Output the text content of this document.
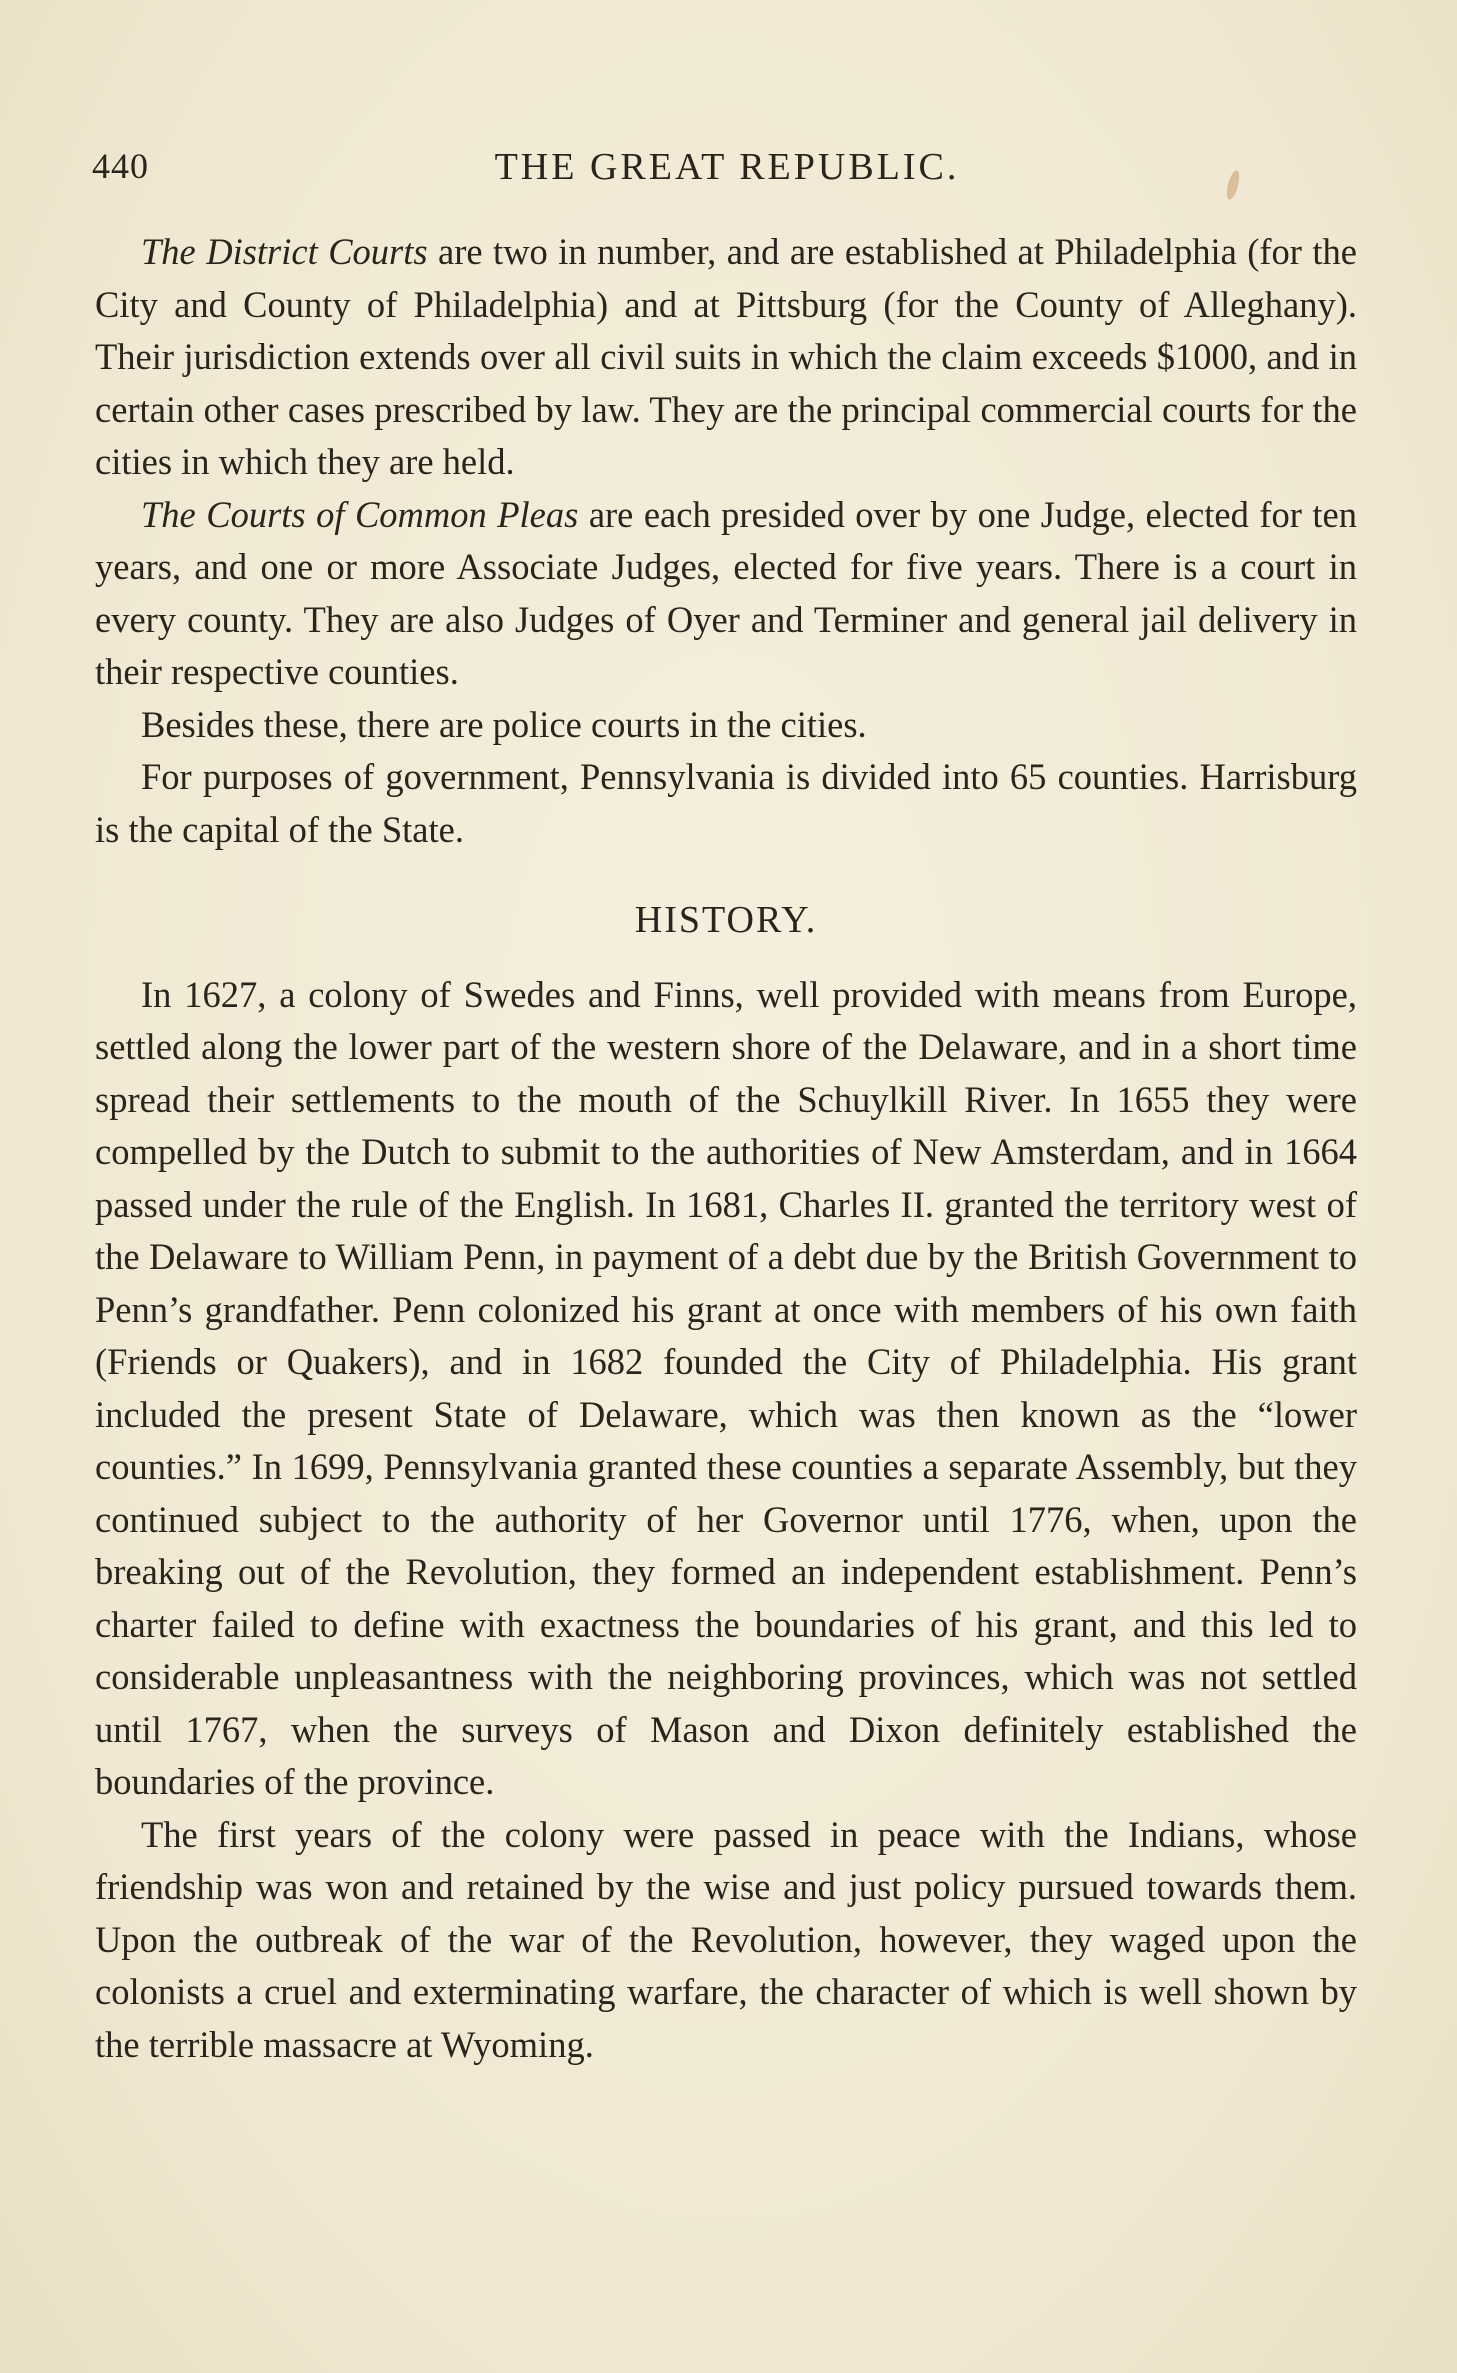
440	THE GREAT REPUBLIC.

The District Courts are two in number, and are established at Philadelphia (for the City and County of Philadelphia) and at Pittsburg (for the County of Alleghany). Their jurisdiction extends over all civil suits in which the claim exceeds $1000, and in certain other cases prescribed by law. They are the principal commercial courts for the cities in which they are held.

The Courts of Common Pleas are each presided over by one Judge, elected for ten years, and one or more Associate Judges, elected for five years. There is a court in every county. They are also Judges of Oyer and Terminer and general jail delivery in their respective counties.

Besides these, there are police courts in the cities.

For purposes of government, Pennsylvania is divided into 65 counties. Harrisburg is the capital of the State.

HISTORY.

In 1627, a colony of Swedes and Finns, well provided with means from Europe, settled along the lower part of the western shore of the Delaware, and in a short time spread their settlements to the mouth of the Schuylkill River. In 1655 they were compelled by the Dutch to submit to the authorities of New Amsterdam, and in 1664 passed under the rule of the English. In 1681, Charles II. granted the territory west of the Delaware to William Penn, in payment of a debt due by the British Government to Penn’s grandfather. Penn colonized his grant at once with members of his own faith (Friends or Quakers), and in 1682 founded the City of Philadelphia. His grant included the present State of Delaware, which was then known as the “lower counties.” In 1699, Pennsylvania granted these counties a separate Assembly, but they continued subject to the authority of her Governor until 1776, when, upon the breaking out of the Revolution, they formed an independent establishment. Penn’s charter failed to define with exactness the boundaries of his grant, and this led to considerable unpleasantness with the neighboring provinces, which was not settled until 1767, when the surveys of Mason and Dixon definitely established the boundaries of the province.

The first years of the colony were passed in peace with the Indians, whose friendship was won and retained by the wise and just policy pursued towards them. Upon the outbreak of the war of the Revolution, however, they waged upon the colonists a cruel and exterminating warfare, the character of which is well shown by the terrible massacre at Wyoming.
